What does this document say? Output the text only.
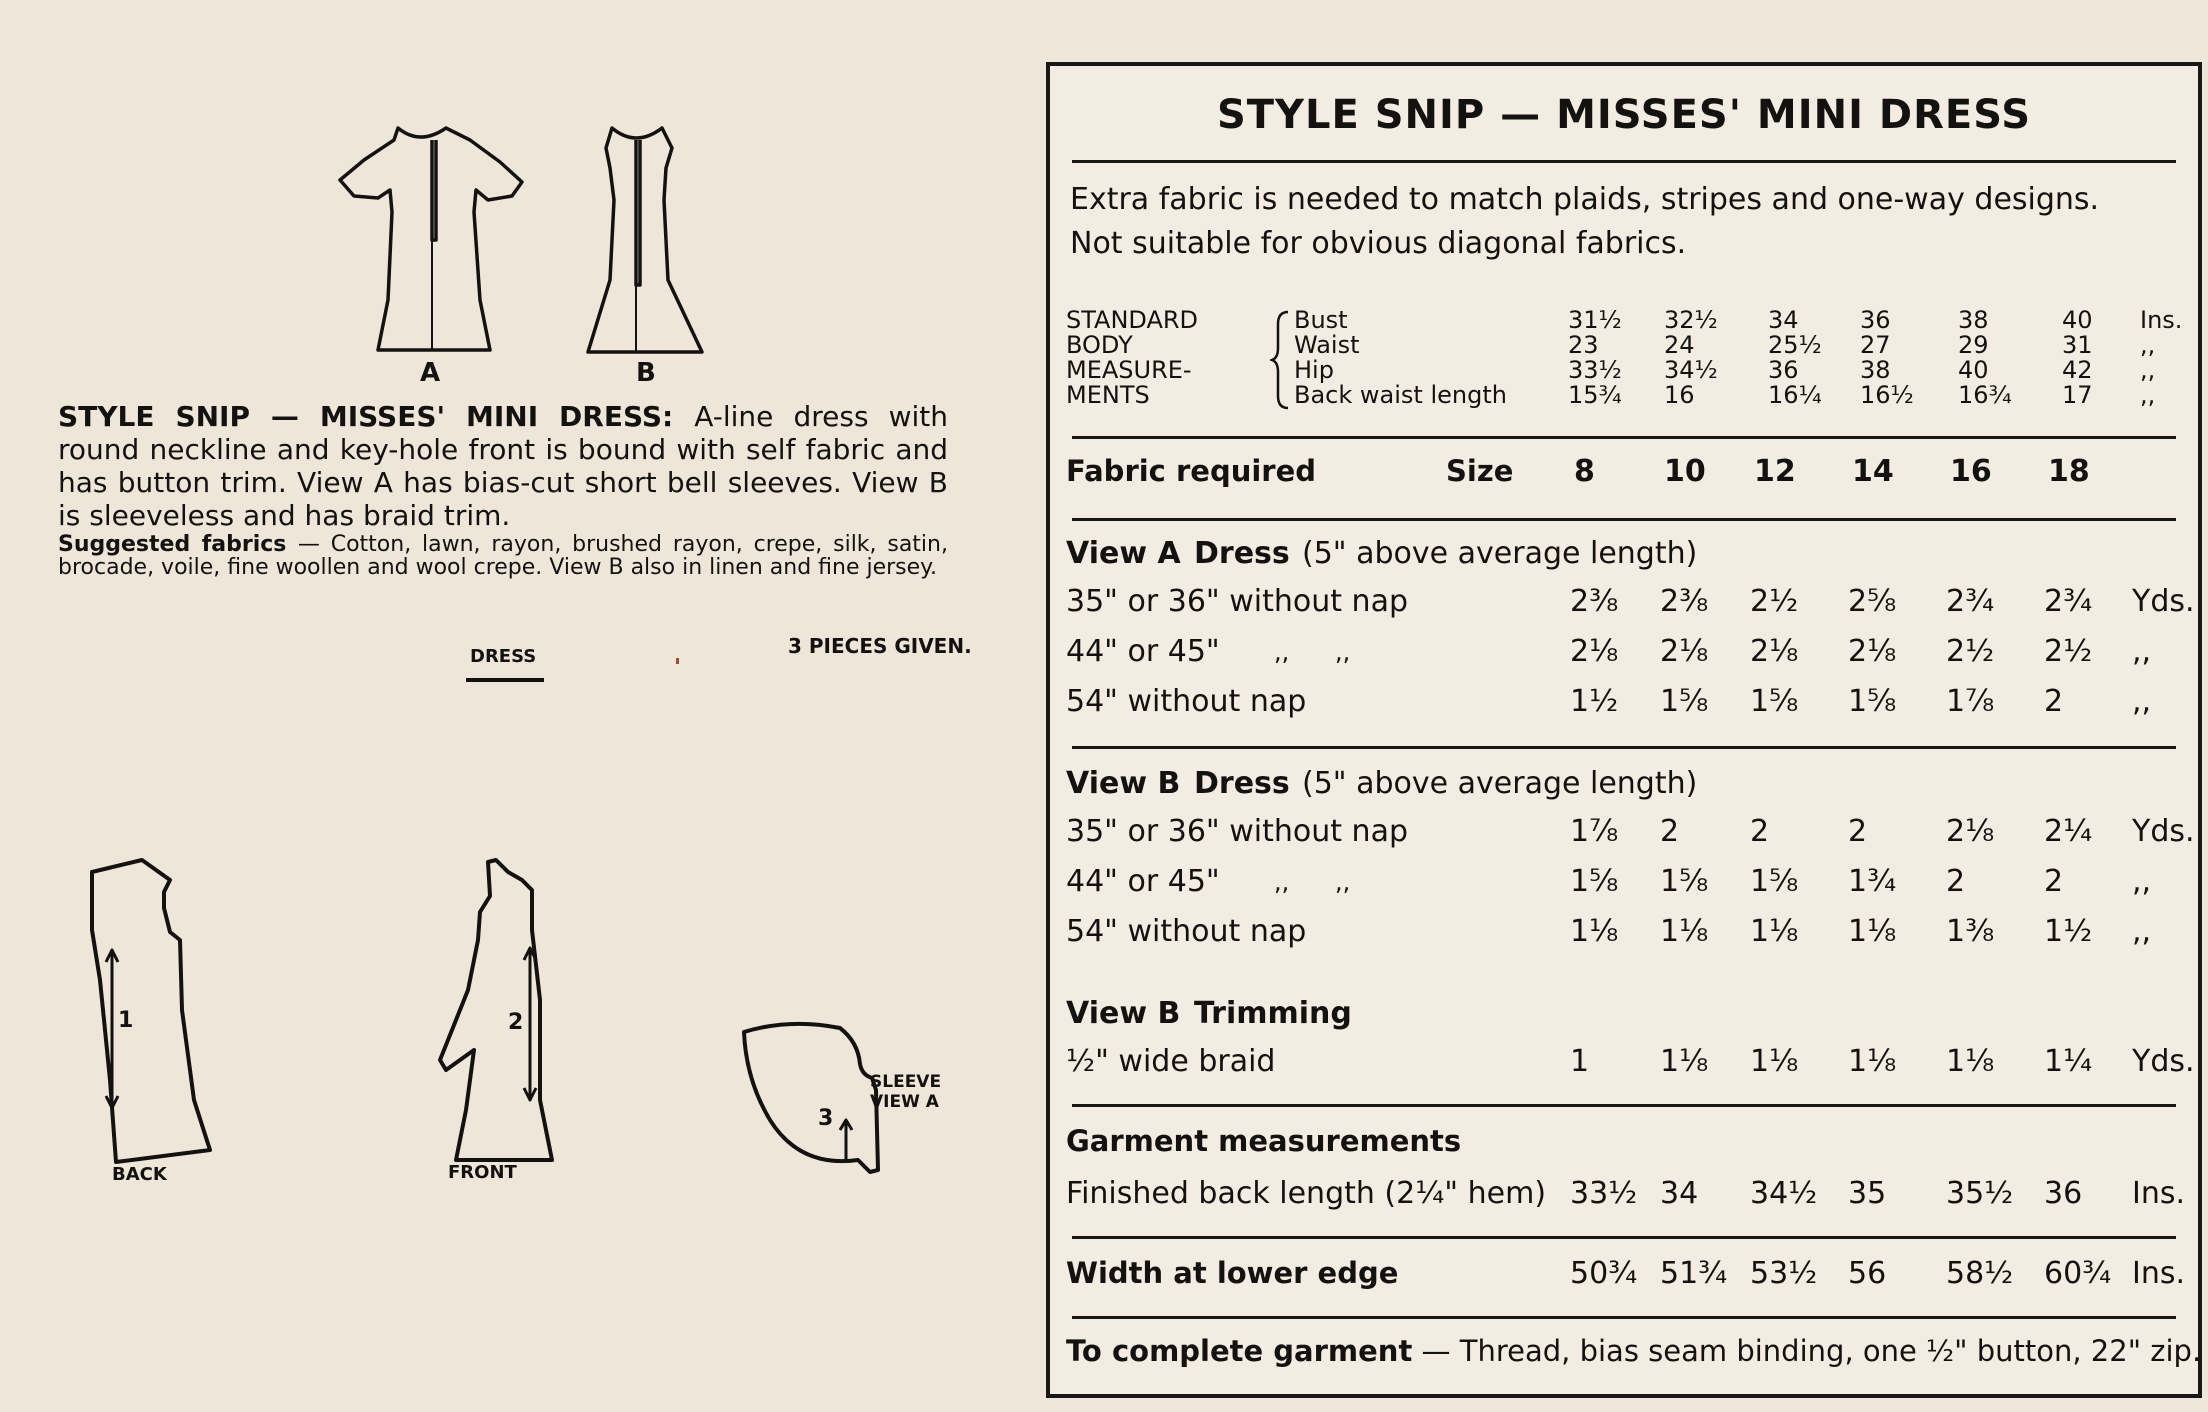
A	B
STYLE SNIP — MISSES' MINI DRESS: A-line dress with round neckline and key-hole front is bound with self fabric and has button trim. View A has bias-cut short bell sleeves. View B is sleeveless and has braid trim.
Suggested fabrics — Cotton, lawn, rayon, brushed rayon, crepe, silk, satin, brocade, voile, fine woollen and wool crepe. View B also in linen and fine jersey.
DRESS	3 PIECES GIVEN.
1
BACK
2
FRONT
3
SLEEVE
VIEW A
STYLE SNIP — MISSES' MINI DRESS
Extra fabric is needed to match plaids, stripes and one-way designs.
Not suitable for obvious diagonal fabrics.
STANDARD
BODY
MEASURE-
MENTS
Bust	31½ 32½ 34	36	38	40 Ins.
Waist	23	24	25½ 27	29	31 ,,
Hip	33½ 34½ 36	38	40	42 ,,
Back waist length	15¾ 16	16¼ 16½ 16¾ 17 ,,
Fabric required	Size 8 10 12 14 16 18
View A Dress (5" above average length)
35" or 36" without nap	2⅜ 2⅜ 2½ 2⅝ 2¾ 2¾ Yds.
44" or 45" ,,      ,,	2⅛ 2⅛ 2⅛ 2⅛ 2½ 2½ ,,
54" without nap	1½ 1⅝ 1⅝ 1⅝ 1⅞ 2 ,,
View B Dress (5" above average length)
35" or 36" without nap	1⅞ 2 2	2	2⅛ 2¼ Yds.
44" or 45" ,,      ,,	1⅝ 1⅝ 1⅝ 1¾ 2	2 ,,
54" without nap	1⅛ 1⅛ 1⅛ 1⅛ 1⅜ 1½ ,,
View B Trimming
½" wide braid	1 1⅛ 1⅛ 1⅛ 1⅛ 1¼ Yds.
Garment measurements
Finished back length (2¼" hem) 33½ 34 34½ 35 35½ 36 Ins.
Width at lower edge	50¾ 51¾ 53½ 56 58½ 60¾ Ins.
To complete garment — Thread, bias seam binding, one ½" button, 22" zip.
